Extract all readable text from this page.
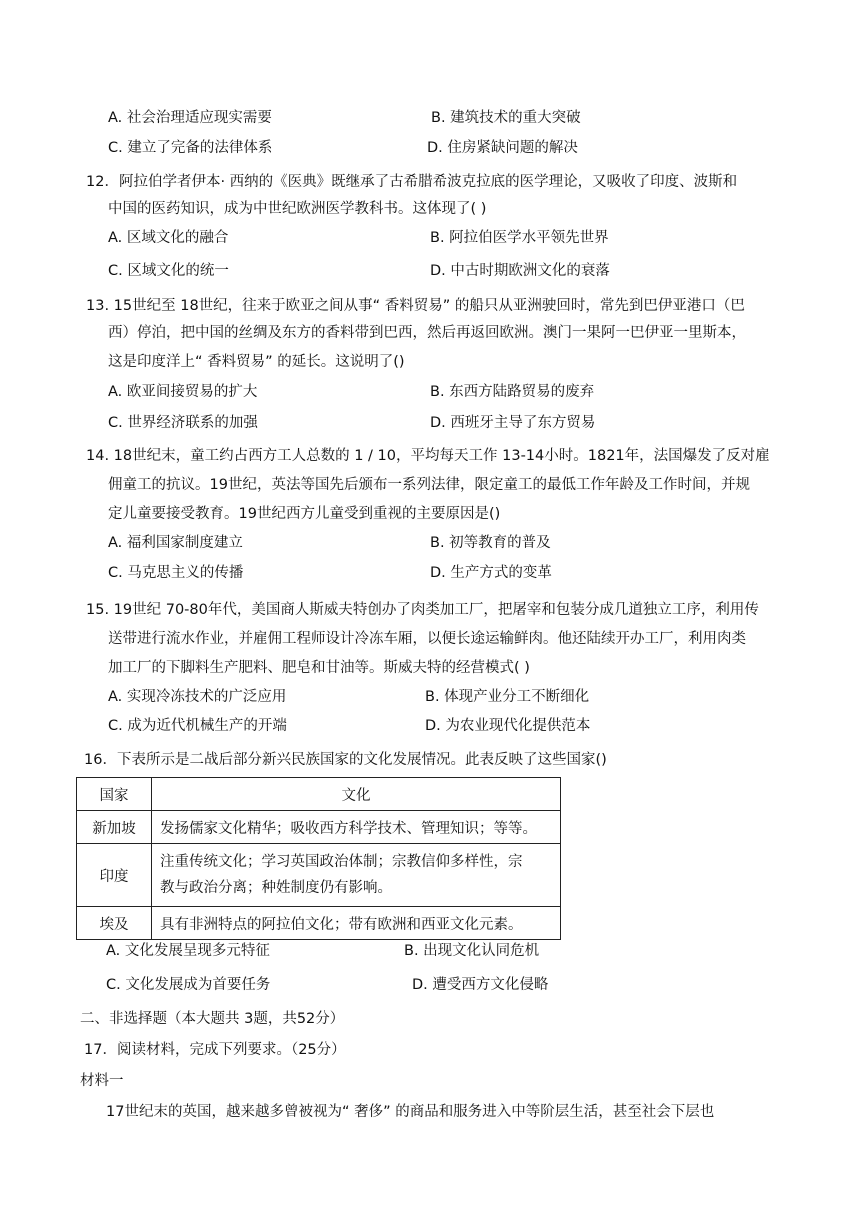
A. 社会治理适应现实需要	B. 建筑技术的重大突破
C. 建立了完备的法律体系	D. 住房紧缺问题的解决
12．阿拉伯学者伊本· 西纳的《医典》既继承了古希腊希波克拉底的医学理论，又吸收了印度、波斯和
中国的医药知识，成为中世纪欧洲医学教科书。这体现了( )
A. 区域文化的融合	B. 阿拉伯医学水平领先世界
C. 区域文化的统一	D. 中古时期欧洲文化的衰落
13. 15世纪至 18世纪，往来于欧亚之间从事“ 香料贸易” 的船只从亚洲驶回时，常先到巴伊亚港口（巴
西）停泊，把中国的丝绸及东方的香料带到巴西，然后再返回欧洲。澳门一果阿一巴伊亚一里斯本，
这是印度洋上“ 香料贸易” 的延长。这说明了()
A. 欧亚间接贸易的扩大	B. 东西方陆路贸易的废弃
C. 世界经济联系的加强	D. 西班牙主导了东方贸易
14. 18世纪末，童工约占西方工人总数的 1 / 10，平均每天工作 13-14小时。1821年，法国爆发了反对雇
佣童工的抗议。19世纪，英法等国先后颁布一系列法律，限定童工的最低工作年龄及工作时间，并规
定儿童要接受教育。19世纪西方儿童受到重视的主要原因是()
A. 福利国家制度建立	B. 初等教育的普及
C. 马克思主义的传播	D. 生产方式的变革
15. 19世纪 70-80年代，美国商人斯威夫特创办了肉类加工厂，把屠宰和包装分成几道独立工序，利用传
送带进行流水作业，并雇佣工程师设计冷冻车厢，以便长途运输鲜肉。他还陆续开办工厂，利用肉类
加工厂的下脚料生产肥料、肥皂和甘油等。斯威夫特的经营模式( )
A. 实现冷冻技术的广泛应用	B. 体现产业分工不断细化
C. 成为近代机械生产的开端	D. 为农业现代化提供范本
16．下表所示是二战后部分新兴民族国家的文化发展情况。此表反映了这些国家()
国家	文化
新加坡	发扬儒家文化精华；吸收西方科学技术、管理知识；等等。
印度	注重传统文化；学习英国政治体制；宗教信仰多样性，宗
教与政治分离；种姓制度仍有影响。
埃及	具有非洲特点的阿拉伯文化；带有欧洲和西亚文化元素。
A. 文化发展呈现多元特征	B. 出现文化认同危机
C. 文化发展成为首要任务	D. 遭受西方文化侵略
二、非选择题（本大题共 3题，共52分）
17．阅读材料，完成下列要求。（25分）
材料一
17世纪末的英国，越来越多曾被视为“ 奢侈” 的商品和服务进入中等阶层生活，甚至社会下层也
